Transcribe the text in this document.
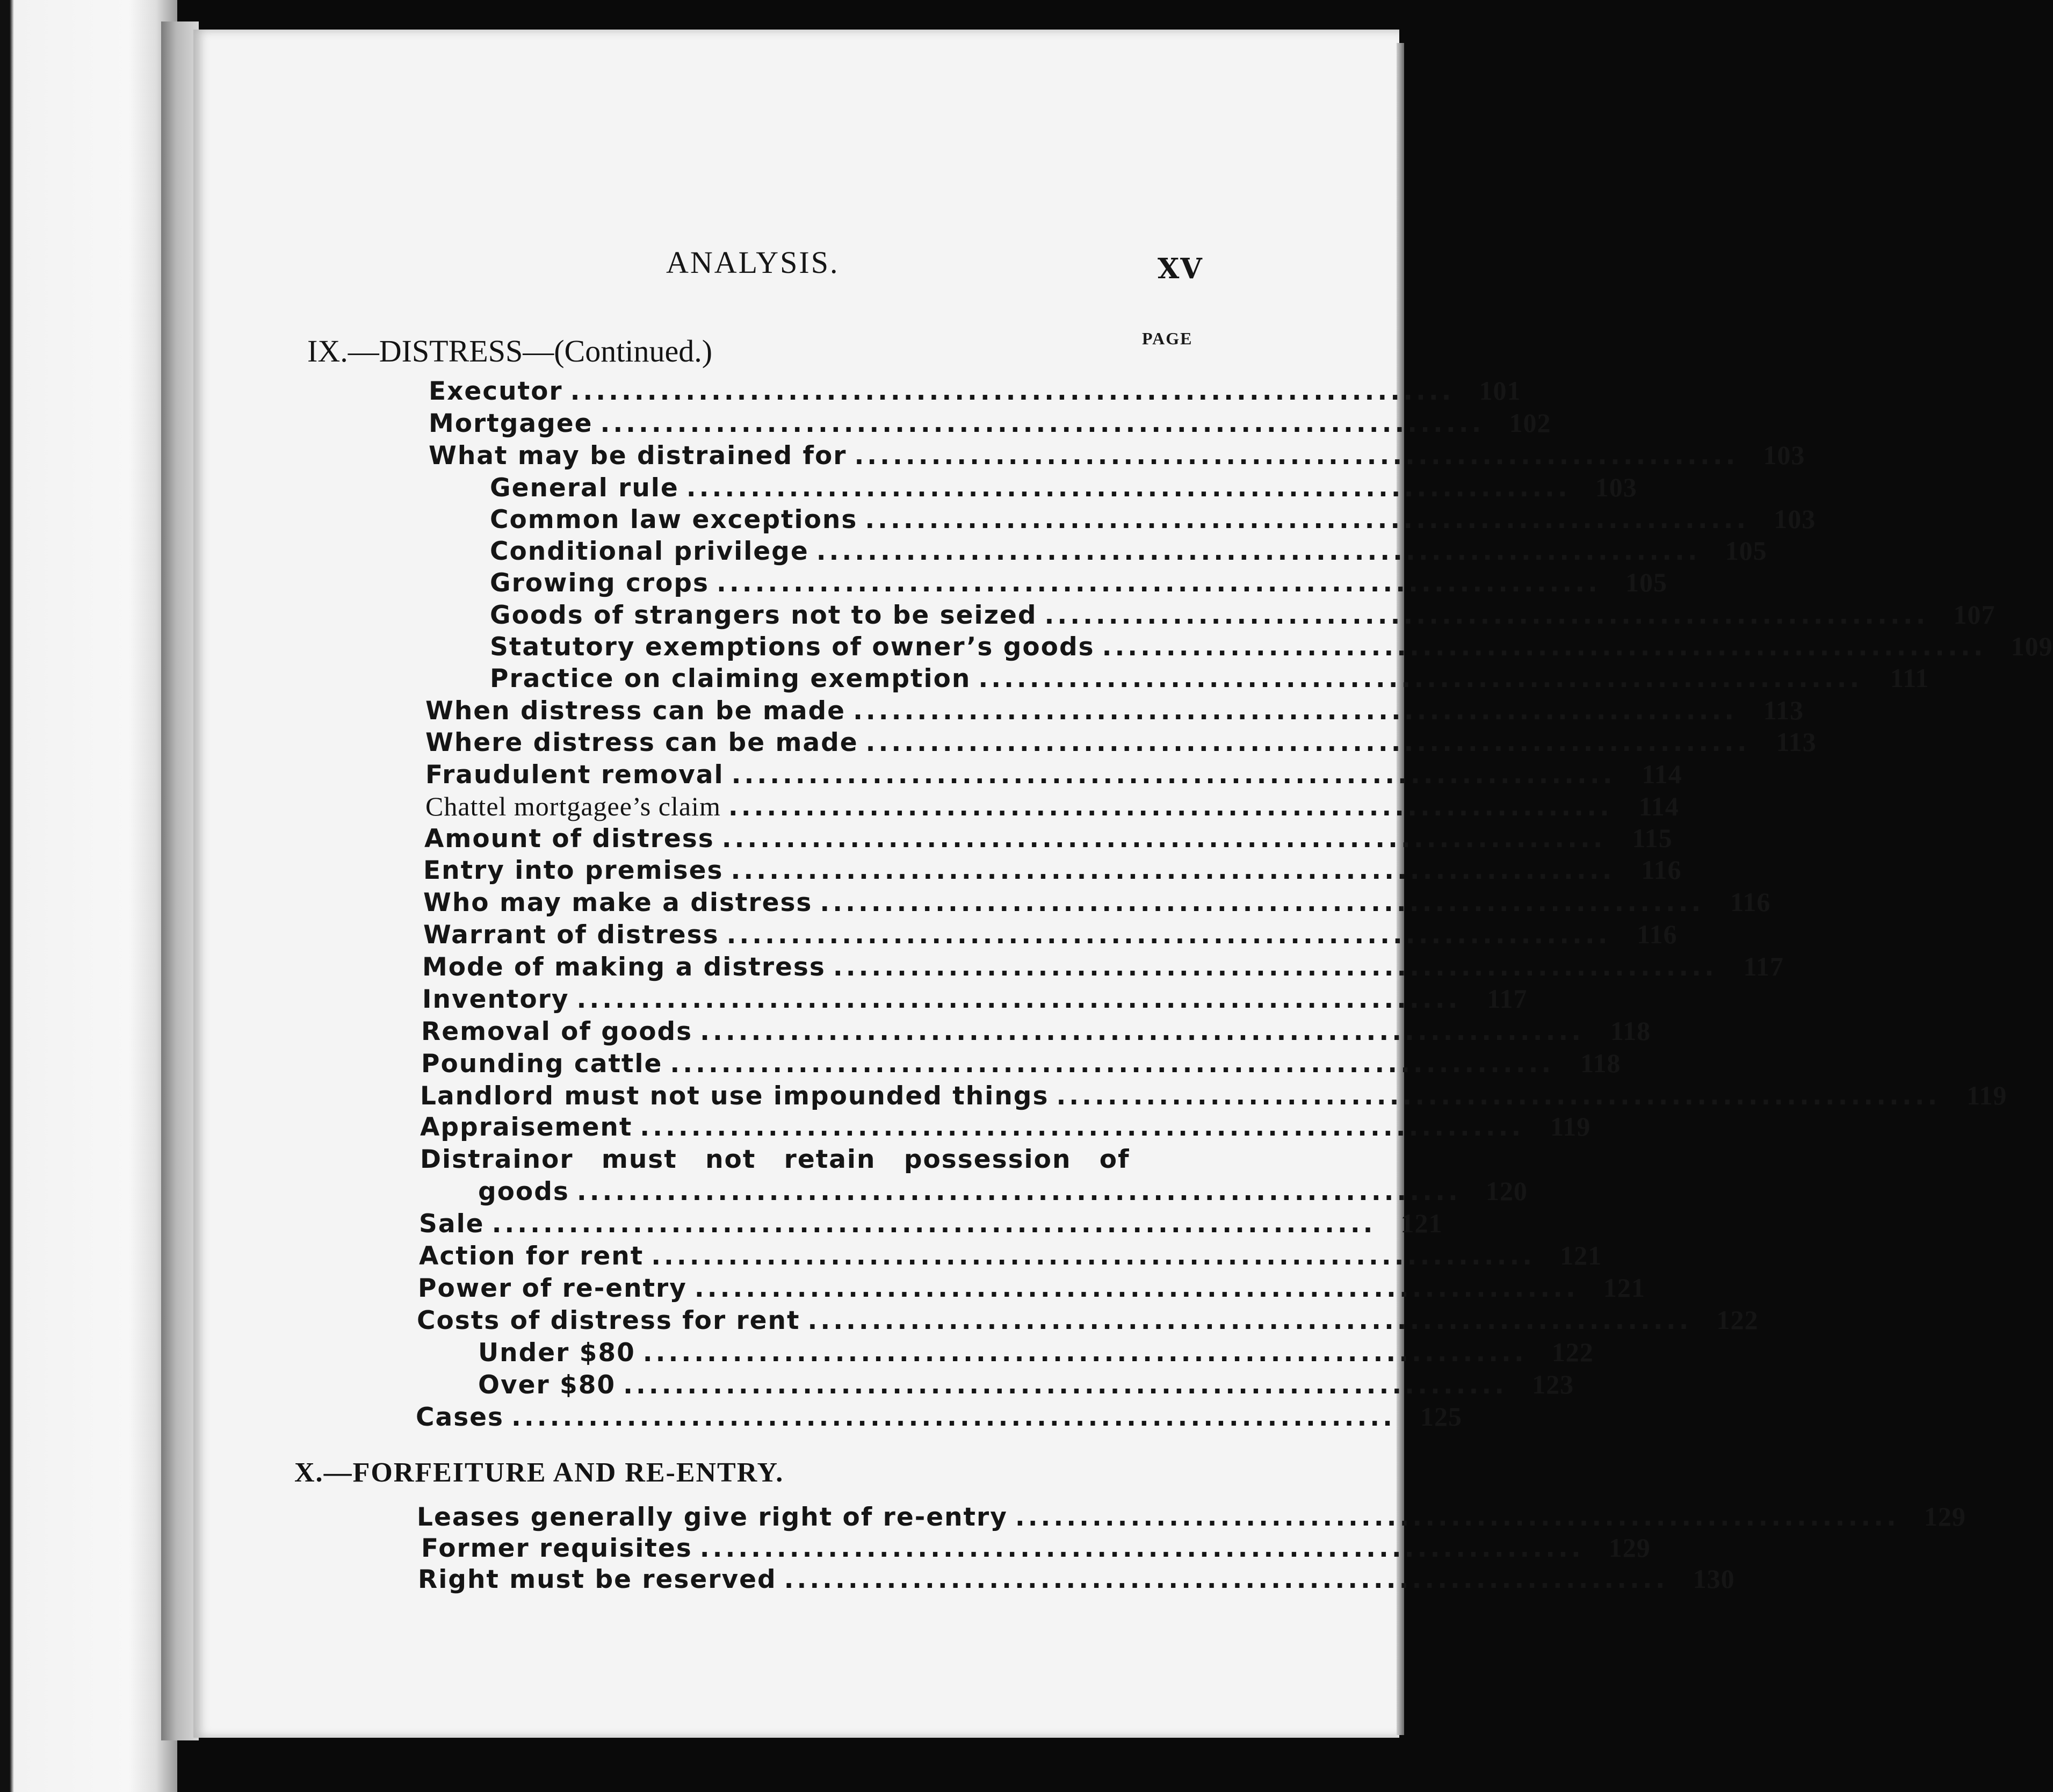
ANALYSIS.	XV
PAGE
IX.—DISTRESS—(Continued.)
Executor ..................................................................... 101
Mortgagee ..................................................................... 102
What may be distrained for ..................................................................... 103
General rule ..................................................................... 103
Common law exceptions ..................................................................... 103
Conditional privilege ..................................................................... 105
Growing crops ..................................................................... 105
Goods of strangers not to be seized ..................................................................... 107
Statutory exemptions of owner’s goods ..................................................................... 109
Practice on claiming exemption .....................................................................	111
When distress can be made ..................................................................... 113
Where distress can be made ..................................................................... 113
Fraudulent removal ..................................................................... 114
Chattel mortgagee’s claim ..................................................................... 114
Amount of distress ..................................................................... 115
Entry into premises ..................................................................... 116
Who may make a distress ..................................................................... 116
Warrant of distress ..................................................................... 116
Mode of making a distress ..................................................................... 117
Inventory ..................................................................... 117
Removal of goods ..................................................................... 118
Pounding cattle ..................................................................... 118
Landlord must not use impounded things ..................................................................... 119
Appraisement ..................................................................... 119
Distrainor must not retain possession of
goods ..................................................................... 120
Sale ..................................................................... 121
Action for rent ..................................................................... 121
Power of re-entry ..................................................................... 121
Costs of distress for rent ..................................................................... 122
Under $80 ..................................................................... 122
Over $80 ..................................................................... 123
Cases ..................................................................... 125
X.—FORFEITURE AND RE-ENTRY.
Leases generally give right of re-entry ..................................................................... 129
Former requisites ..................................................................... 129
Right must be reserved ..................................................................... 130
